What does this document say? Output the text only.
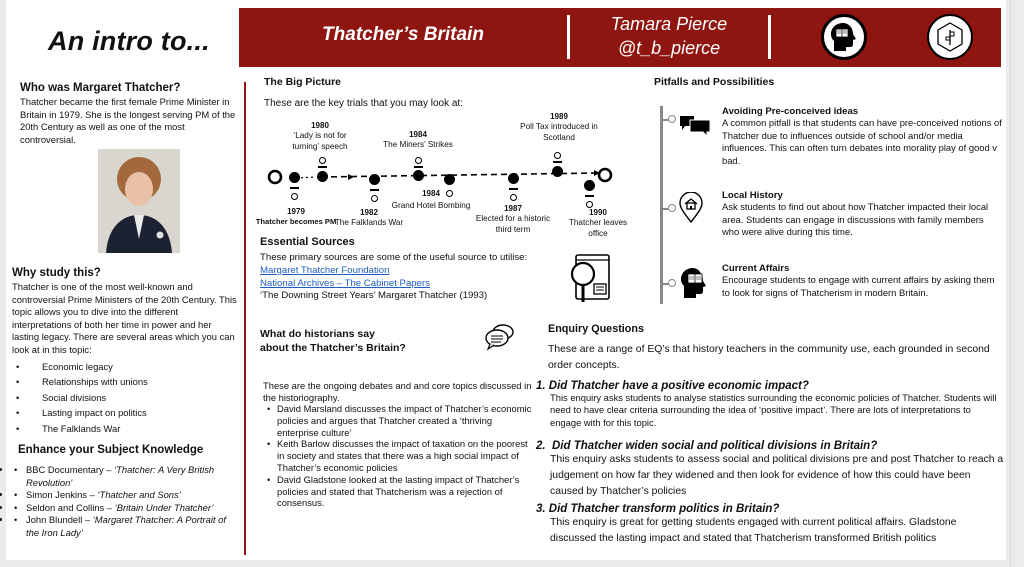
An intro to...	Thatcher’s Britain	Tamara Pierce
@t_b_pierce
Who was Margaret Thatcher?
Thatcher became the first female Prime Minister in Britain in 1979. She is the longest serving PM of the 20th Century as well as one of the most controversial.
Why study this?
Thatcher is one of the most well-known and controversial Prime Ministers of the 20th Century. This topic allows you to dive into the different interpretations of both her time in power and her lasting legacy. There are several areas which you can look at in this topic:
• Economic legacy
• Relationships with unions
• Social divisions
• Lasting impact on politics
• The Falklands War
Enhance your Subject Knowledge
• • BBC Documentary – ‘Thatcher: A Very British Revolution’
• • Simon Jenkins – ‘Thatcher and Sons’
• • Seldon and Collins – ‘Britain Under Thatcher’
• • John Blundell – ‘Margaret Thatcher: A Portrait of the Iron Lady’
The Big Picture
These are the key trials that you may look at:
1979
Thatcher becomes PM
1980
‘Lady is not for turning’ speech
1982
The Falklands War
1984
The Miners’ Strikes
1984
Grand Hotel Bombing	1987
Elected for a historic third term
1989
Poll Tax introduced in Scotland
1990
Thatcher leaves office
Essential Sources
These primary sources are some of the useful source to utilise:
Margaret Thatcher Foundation
National Archives – The Cabinet Papers
‘The Downing Street Years’ Margaret Thatcher (1993)
What do historians say
about the Thatcher’s Britain?
These are the ongoing debates and and core topics discussed in the historiography.
• David Marsland discusses the impact of Thatcher’s economic policies and argues that Thatcher created a ‘thriving enterprise culture’
• Keith Barlow discusses the impact of taxation on the poorest in society and states that there was a high social impact of Thatcher’s economic policies
• David Gladstone looked at the lasting impact of Thatcher’s policies and stated that Thatcherism was a rejection of consensus.
Pitfalls and Possibilities
Avoiding Pre-conceived ideas
A common pitfall is that students can have pre-conceived notions of Thatcher due to influences outside of school and/or media influences. This can often turn debates into morality play of good v bad.
Local History
Ask students to find out about how Thatcher impacted their local area. Students can engage in discussions with family members who were alive during this time.
Current Affairs
Encourage students to engage with current affairs by asking them to look for signs of Thatcherism in modern Britain.
Enquiry Questions
These are a range of EQ’s that history teachers in the community use, each grounded in second order concepts.
1. Did Thatcher have a positive economic impact?
This enquiry asks students to analyse statistics surrounding the economic policies of Thatcher. Students will need to have clear criteria surrounding the idea of ‘positive impact’. There are lots of interpretations to engage with for this topic.
2. Did Thatcher widen social and political divisions in Britain?
This enquiry asks students to assess social and political divisions pre and post Thatcher to reach a judgement on how far they widened and then look for evidence of how this could have been caused by Thatcher’s policies
3. Did Thatcher transform politics in Britain?
This enquiry is great for getting students engaged with current political affairs. Gladstone discussed the lasting impact and stated that Thatcherism transformed British politics
